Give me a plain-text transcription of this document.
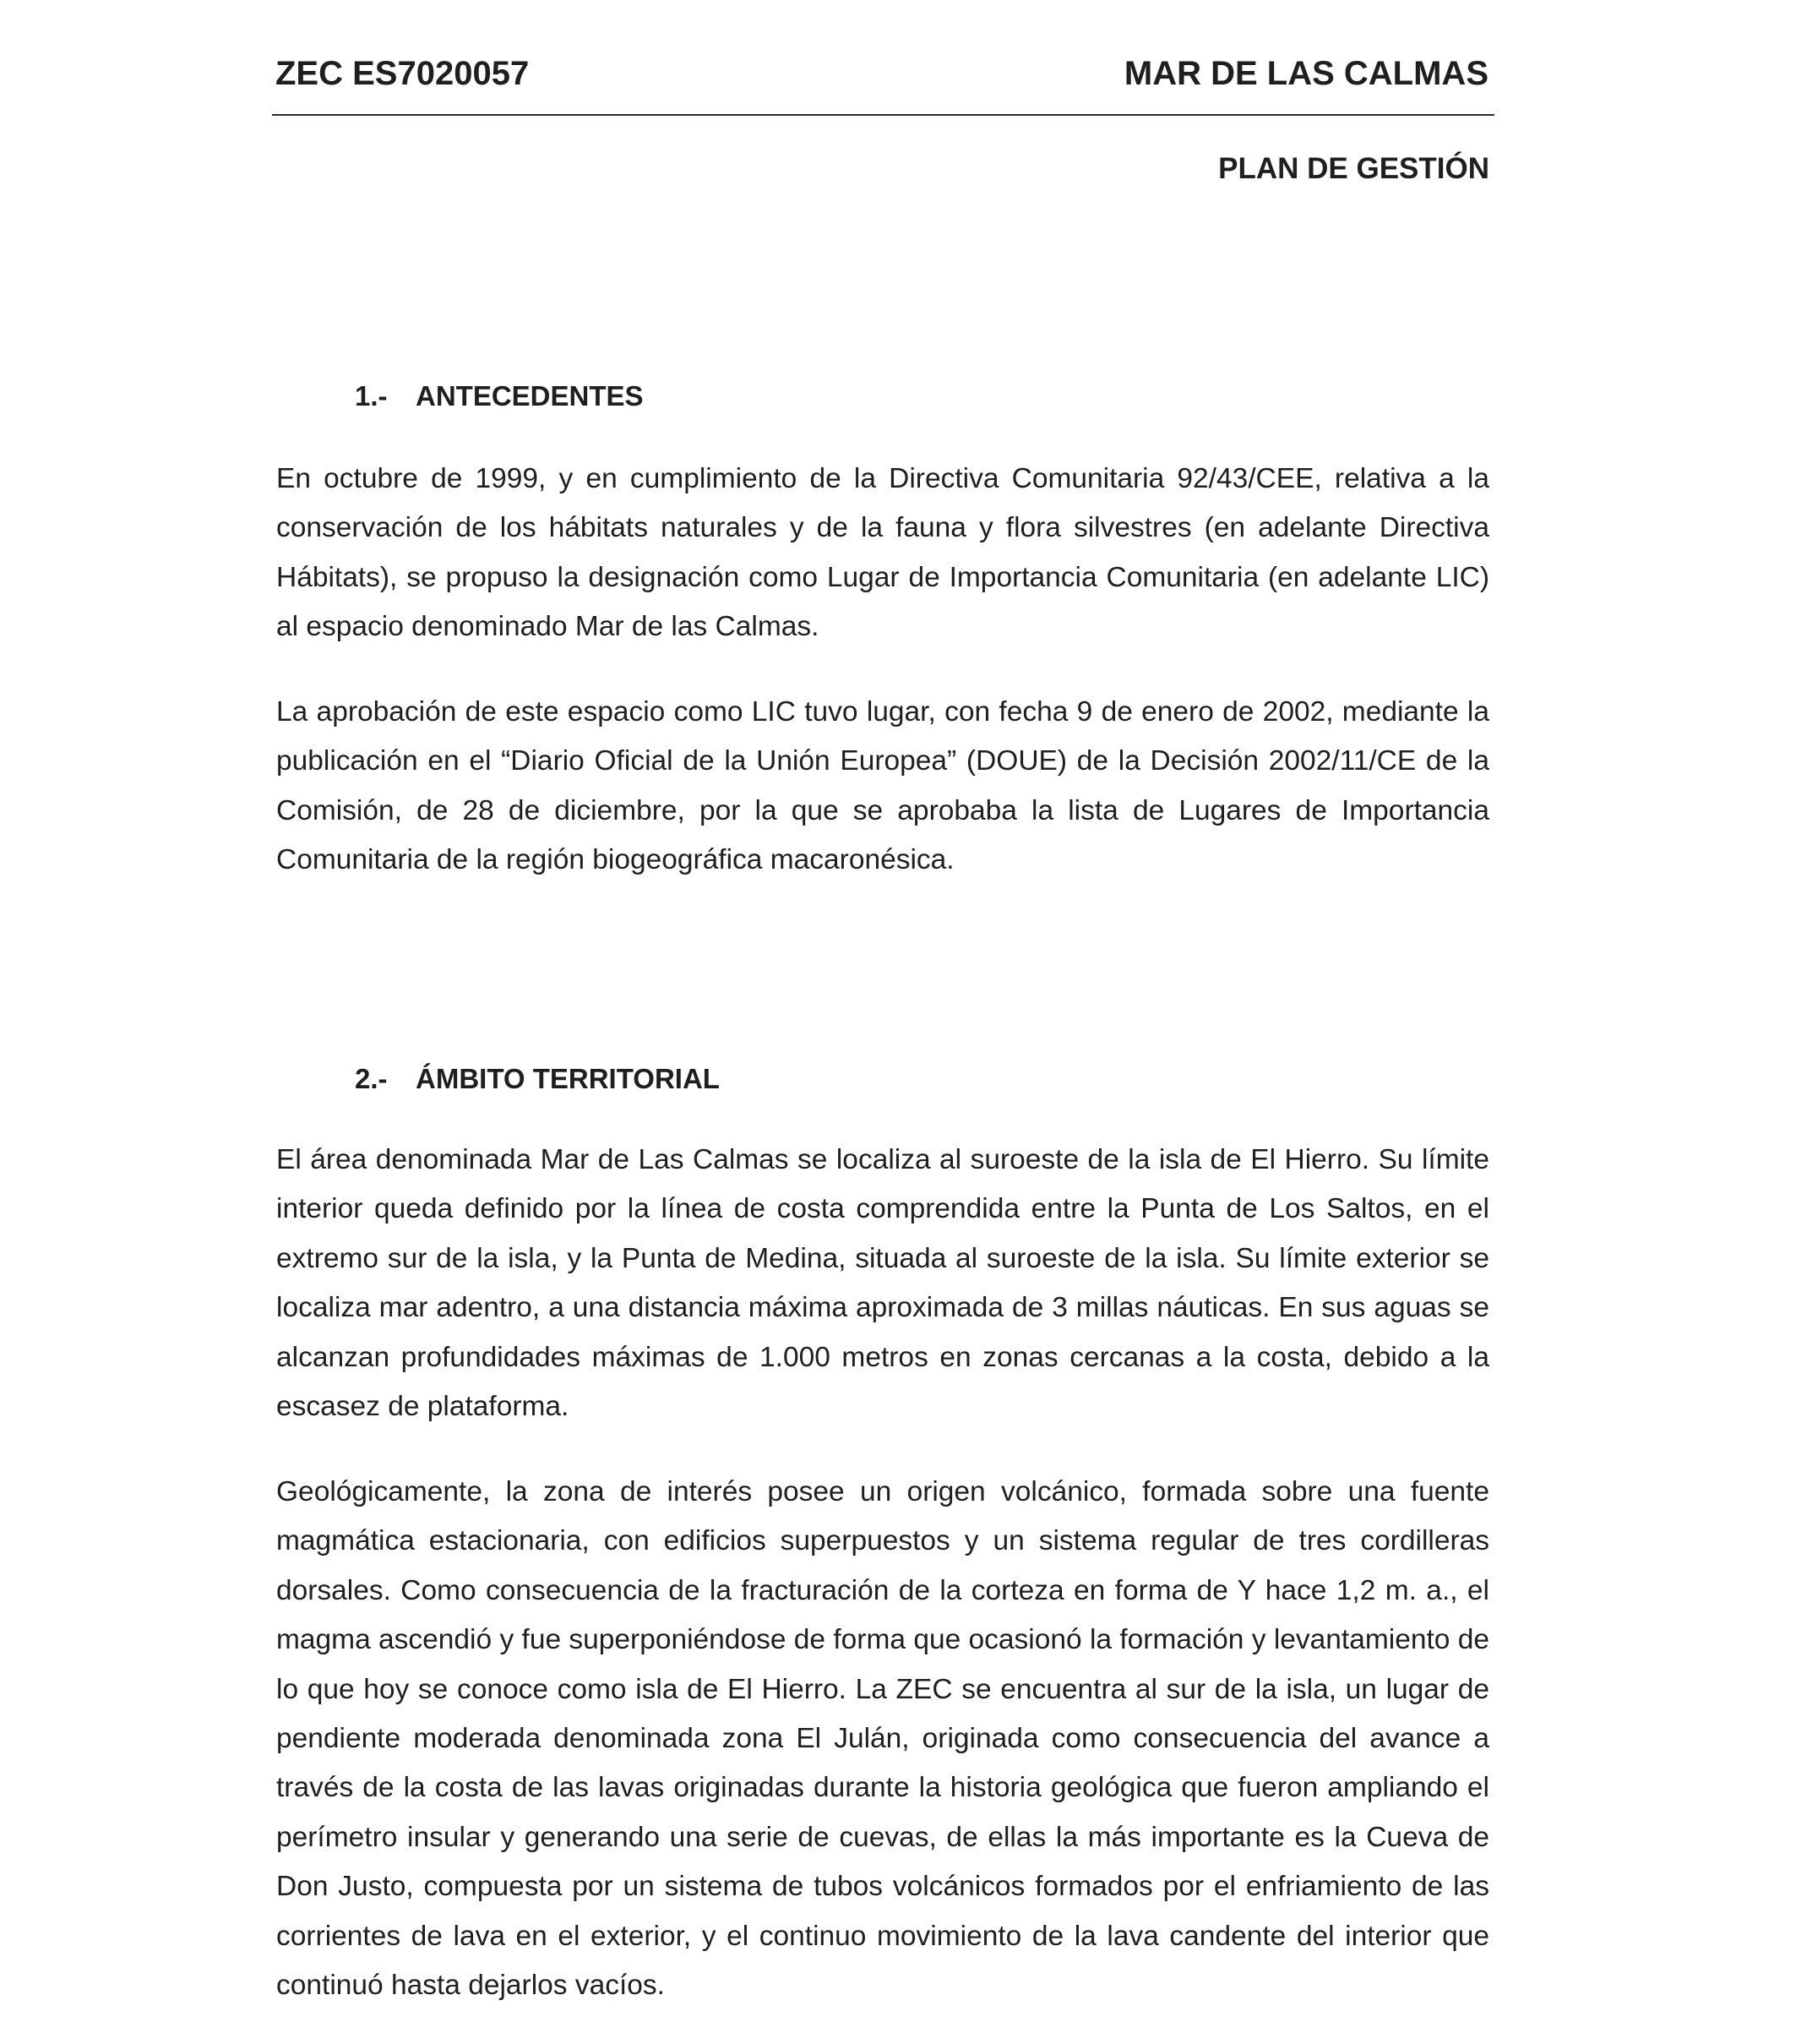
ZEC ES7020057	MAR DE LAS CALMAS
PLAN DE GESTIÓN
1.- ANTECEDENTES

En octubre de 1999, y en cumplimiento de la Directiva Comunitaria 92/43/CEE, relativa a la conservación de los hábitats naturales y de la fauna y flora silvestres (en adelante Directiva Hábitats), se propuso la designación como Lugar de Importancia Comunitaria (en adelante LIC) al espacio denominado Mar de las Calmas.

La aprobación de este espacio como LIC tuvo lugar, con fecha 9 de enero de 2002, mediante la publicación en el “Diario Oficial de la Unión Europea” (DOUE) de la Decisión 2002/11/CE de la Comisión, de 28 de diciembre, por la que se aprobaba la lista de Lugares de Importancia Comunitaria de la región biogeográfica macaronésica.

2.- ÁMBITO TERRITORIAL

El área denominada Mar de Las Calmas se localiza al suroeste de la isla de El Hierro. Su límite interior queda definido por la línea de costa comprendida entre la Punta de Los Saltos, en el extremo sur de la isla, y la Punta de Medina, situada al suroeste de la isla. Su límite exterior se localiza mar adentro, a una distancia máxima aproximada de 3 millas náuticas. En sus aguas se alcanzan profundidades máximas de 1.000 metros en zonas cercanas a la costa, debido a la escasez de plataforma.

Geológicamente, la zona de interés posee un origen volcánico, formada sobre una fuente magmática estacionaria, con edificios superpuestos y un sistema regular de tres cordilleras dorsales. Como consecuencia de la fracturación de la corteza en forma de Y hace 1,2 m. a., el magma ascendió y fue superponiéndose de forma que ocasionó la formación y levantamiento de lo que hoy se conoce como isla de El Hierro. La ZEC se encuentra al sur de la isla, un lugar de pendiente moderada denominada zona El Julán, originada como consecuencia del avance a través de la costa de las lavas originadas durante la historia geológica que fueron ampliando el perímetro insular y generando una serie de cuevas, de ellas la más importante es la Cueva de Don Justo, compuesta por un sistema de tubos volcánicos formados por el enfriamiento de las corrientes de lava en el exterior, y el continuo movimiento de la lava candente del interior que continuó hasta dejarlos vacíos.
